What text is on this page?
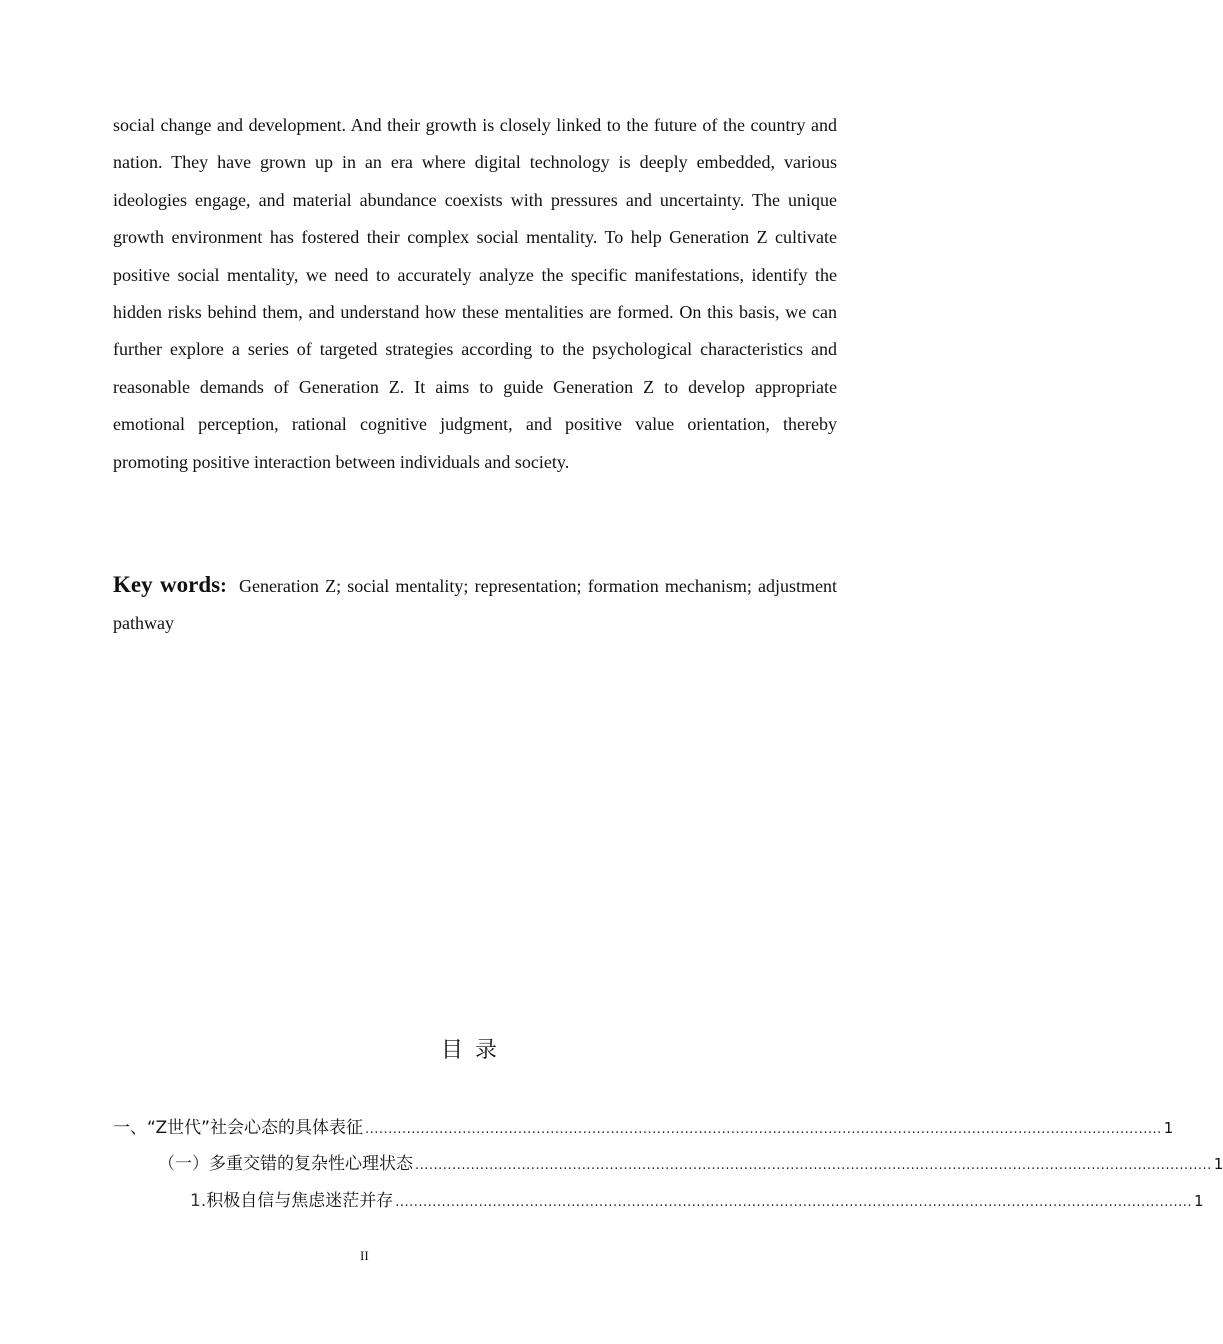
social change and development. And their growth is closely linked to the future of the country and nation. They have grown up in an era where digital technology is deeply embedded, various ideologies engage, and material abundance coexists with pressures and uncertainty. The unique growth environment has fostered their complex social mentality. To help Generation Z cultivate positive social mentality, we need to accurately analyze the specific manifestations, identify the hidden risks behind them, and understand how these mentalities are formed. On this basis, we can further explore a series of targeted strategies according to the psychological characteristics and reasonable demands of Generation Z. It aims to guide Generation Z to develop appropriate emotional perception, rational cognitive judgment, and positive value orientation, thereby promoting positive interaction between individuals and society.

Key words: Generation Z; social mentality; representation; formation mechanism; adjustment pathway

目录
一、 “Z世代”社会心态的具体表征 ............................................................................................................................................................................ 1
（一） 多重交错的复杂性心理状态 ............................................................................................................................................................................ 1
1. 积极自信与焦虑迷茫并存 ............................................................................................................................................................................ 1
II
